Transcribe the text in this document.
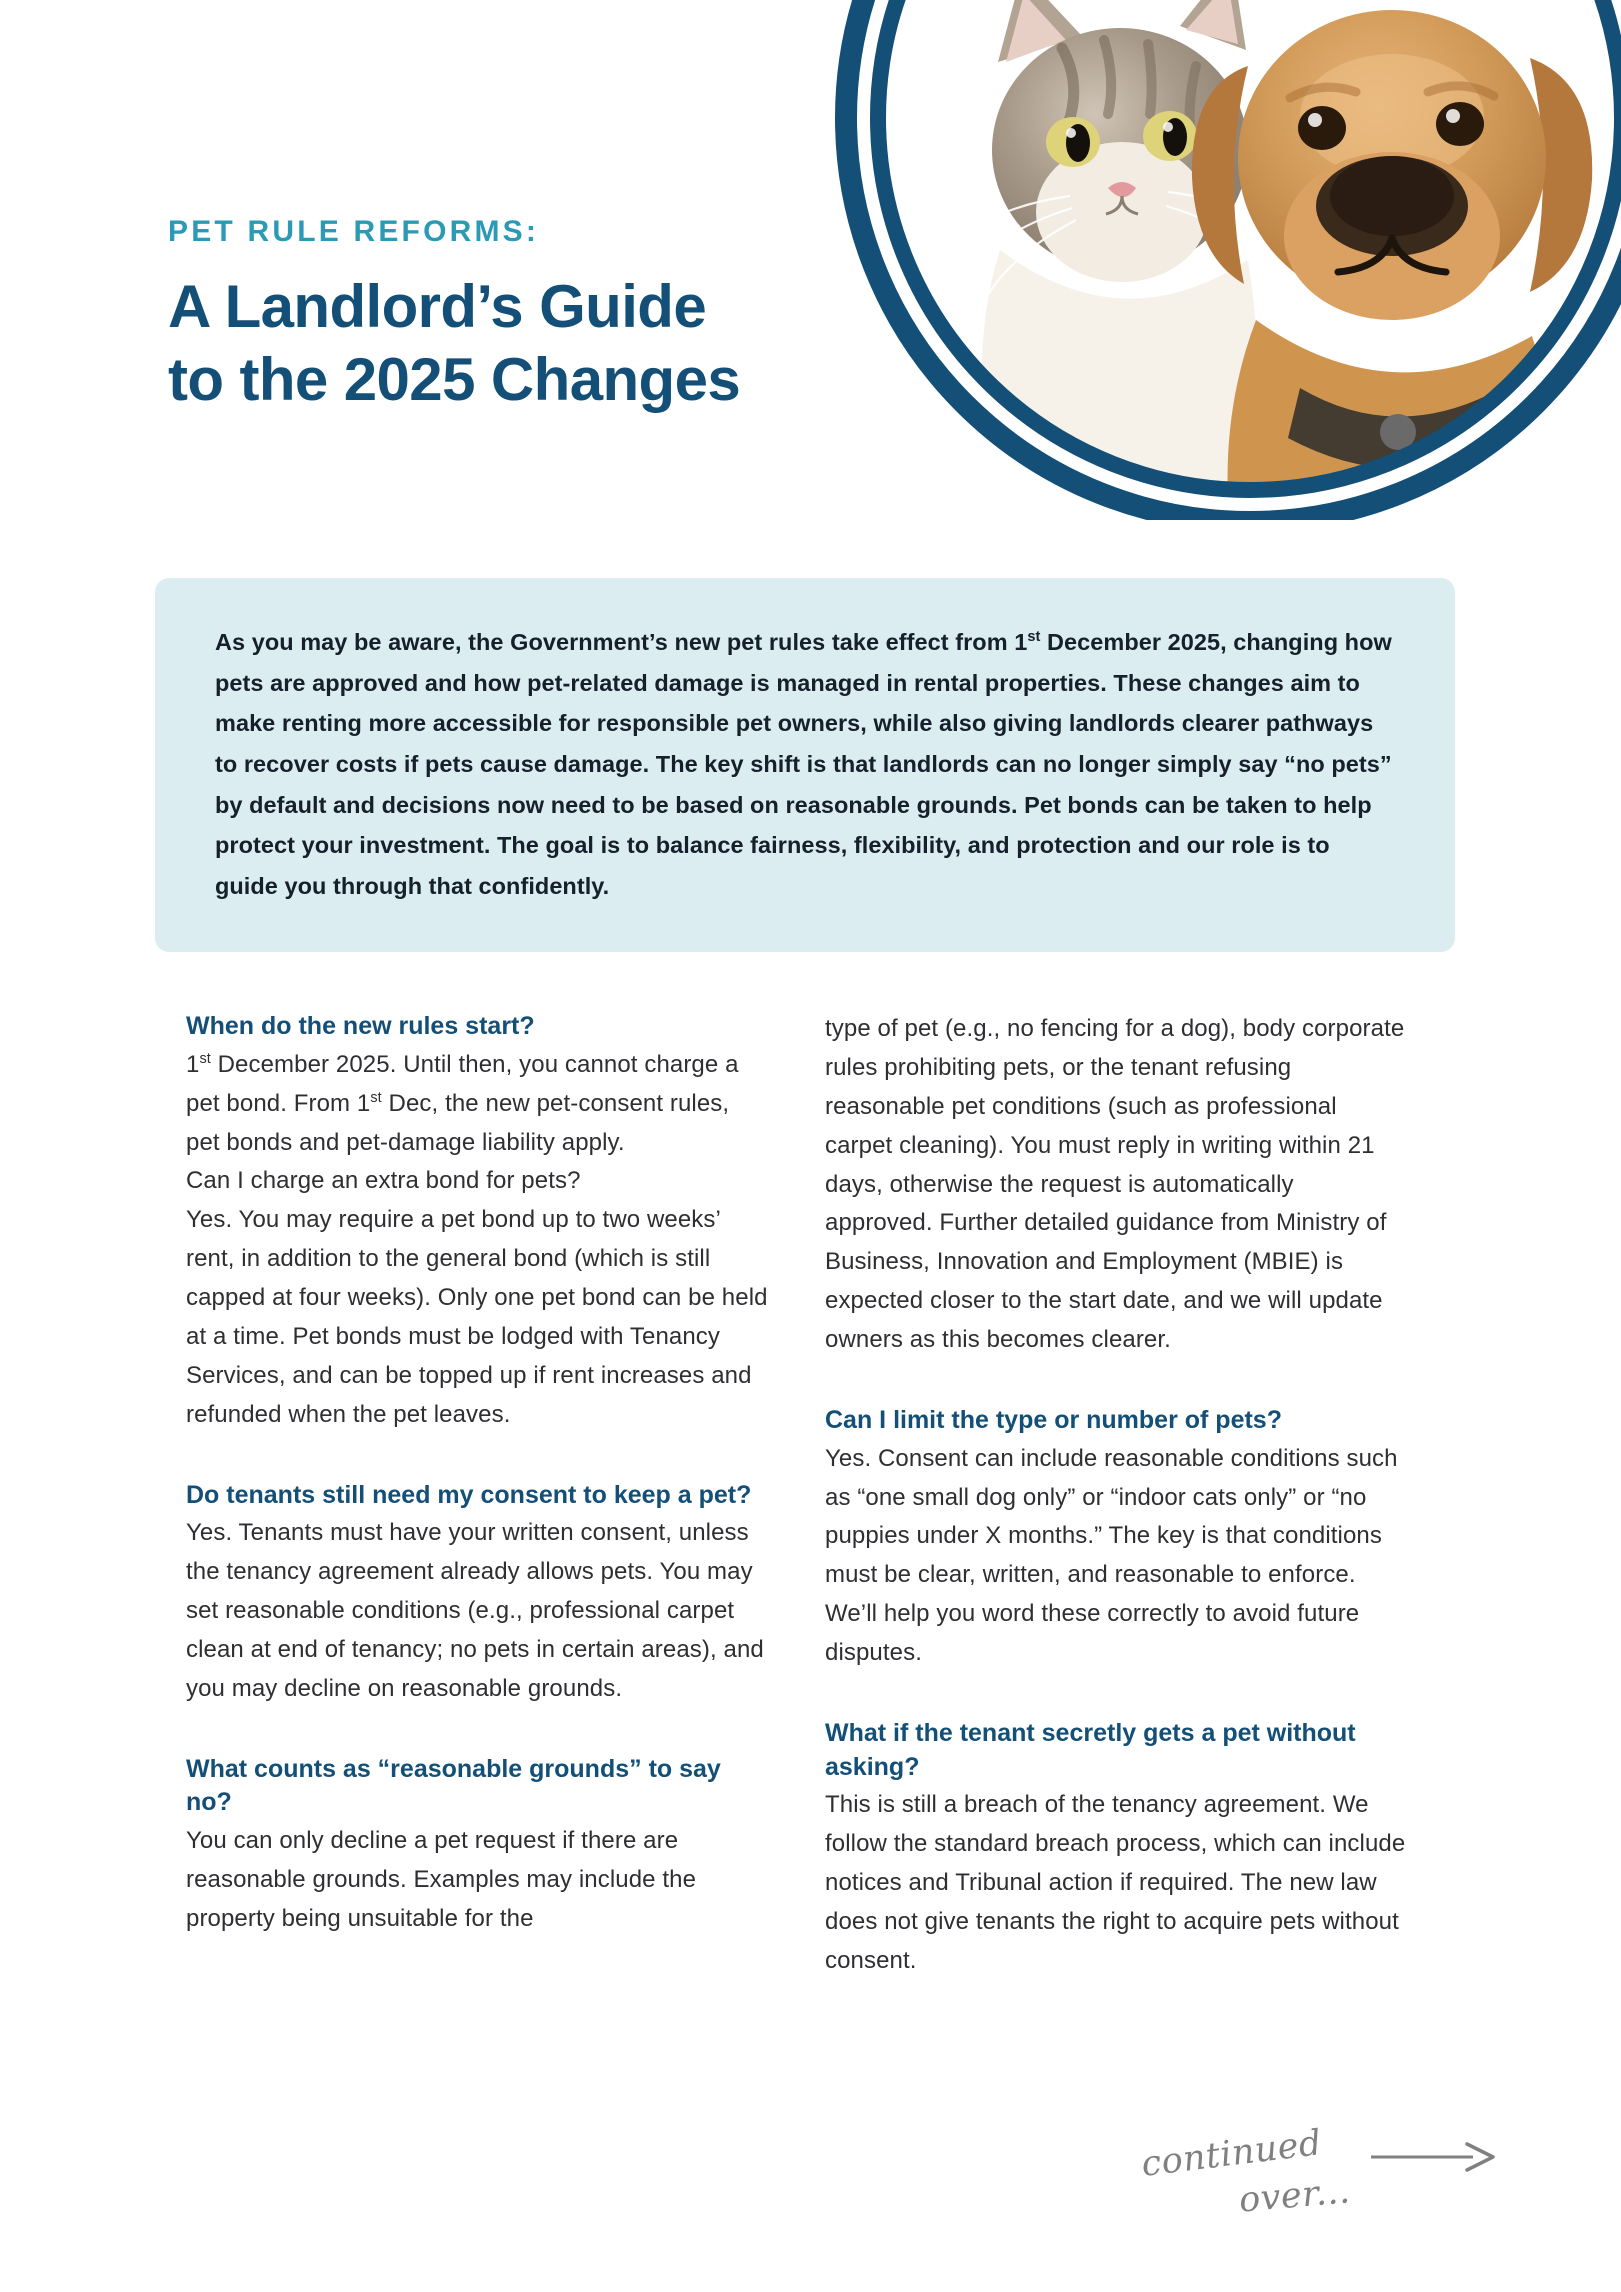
PET RULE REFORMS:
A Landlord’s Guide
to the 2025 Changes

As you may be aware, the Government’s new pet rules take effect from 1st December 2025, changing how pets are approved and how pet-related damage is managed in rental properties. These changes aim to make renting more accessible for responsible pet owners, while also giving landlords clearer pathways to recover costs if pets cause damage. The key shift is that landlords can no longer simply say “no pets” by default and decisions now need to be based on reasonable grounds. Pet bonds can be taken to help protect your investment. The goal is to balance fairness, flexibility, and protection and our role is to guide you through that confidently.

When do the new rules start?

1st December 2025. Until then, you cannot charge a pet bond. From 1st Dec, the new pet-consent rules, pet bonds and pet-damage liability apply.

Can I charge an extra bond for pets?

Yes. You may require a pet bond up to two weeks’ rent, in addition to the general bond (which is still capped at four weeks). Only one pet bond can be held at a time. Pet bonds must be lodged with Tenancy Services, and can be topped up if rent increases and refunded when the pet leaves.

Do tenants still need my consent to keep a pet?

Yes. Tenants must have your written consent, unless the tenancy agreement already allows pets. You may set reasonable conditions (e.g., professional carpet clean at end of tenancy; no pets in certain areas), and you may decline on reasonable grounds.

What counts as “reasonable grounds” to say no?

You can only decline a pet request if there are reasonable grounds. Examples may include the property being unsuitable for the

type of pet (e.g., no fencing for a dog), body corporate rules prohibiting pets, or the tenant refusing reasonable pet conditions (such as professional carpet cleaning). You must reply in writing within 21 days, otherwise the request is automatically approved. Further detailed guidance from Ministry of Business, Innovation and Employment (MBIE) is expected closer to the start date, and we will update owners as this becomes clearer.

Can I limit the type or number of pets?

Yes. Consent can include reasonable conditions such as “one small dog only” or “indoor cats only” or “no puppies under X months.” The key is that conditions must be clear, written, and reasonable to enforce. We’ll help you word these correctly to avoid future disputes.

What if the tenant secretly gets a pet without asking?

This is still a breach of the tenancy agreement. We follow the standard breach process, which can include notices and Tribunal action if required. The new law does not give tenants the right to acquire pets without consent.

continued
over...
